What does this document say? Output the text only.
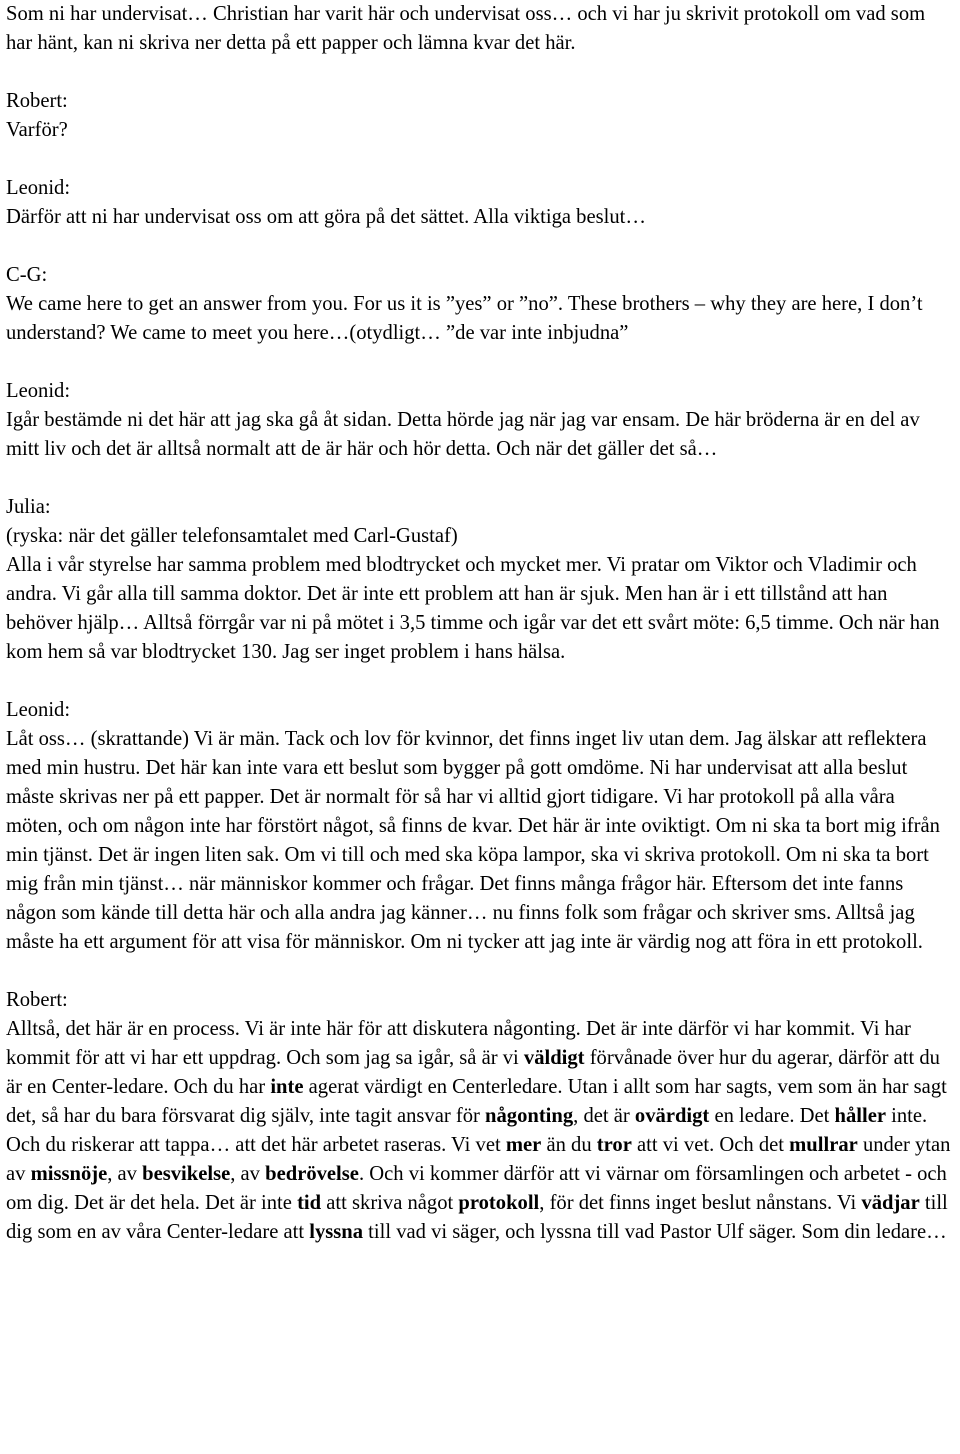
Som ni har undervisat… Christian har varit här och undervisat oss… och vi har ju skrivit protokoll om vad som har hänt, kan ni skriva ner detta på ett papper och lämna kvar det här.

Robert:

Varför?

Leonid:

Därför att ni har undervisat oss om att göra på det sättet. Alla viktiga beslut…

C-G:

We came here to get an answer from you. For us it is ”yes” or ”no”. These brothers – why they are here, I don’t understand? We came to meet you here…(otydligt… ”de var inte inbjudna”

Leonid:

Igår bestämde ni det här att jag ska gå åt sidan. Detta hörde jag när jag var ensam. De här bröderna är en del av mitt liv och det är alltså normalt att de är här och hör detta. Och när det gäller det så…

Julia:

(ryska: när det gäller telefonsamtalet med Carl-Gustaf)

Alla i vår styrelse har samma problem med blodtrycket och mycket mer. Vi pratar om Viktor och Vladimir och andra. Vi går alla till samma doktor. Det är inte ett problem att han är sjuk. Men han är i ett tillstånd att han behöver hjälp… Alltså förrgår var ni på mötet i 3,5 timme och igår var det ett svårt möte: 6,5 timme. Och när han kom hem så var blodtrycket 130. Jag ser inget problem i hans hälsa.

Leonid:

Låt oss… (skrattande) Vi är män. Tack och lov för kvinnor, det finns inget liv utan dem. Jag älskar att reflektera med min hustru. Det här kan inte vara ett beslut som bygger på gott omdöme. Ni har undervisat att alla beslut måste skrivas ner på ett papper. Det är normalt för så har vi alltid gjort tidigare. Vi har protokoll på alla våra möten, och om någon inte har förstört något, så finns de kvar. Det här är inte oviktigt. Om ni ska ta bort mig ifrån min tjänst. Det är ingen liten sak. Om vi till och med ska köpa lampor, ska vi skriva protokoll. Om ni ska ta bort mig från min tjänst… när människor kommer och frågar. Det finns många frågor här. Eftersom det inte fanns någon som kände till detta här och alla andra jag känner… nu finns folk som frågar och skriver sms. Alltså jag måste ha ett argument för att visa för människor. Om ni tycker att jag inte är värdig nog att föra in ett protokoll.

Robert:

Alltså, det här är en process. Vi är inte här för att diskutera någonting. Det är inte därför vi har kommit. Vi har kommit för att vi har ett uppdrag. Och som jag sa igår, så är vi väldigt förvånade över hur du agerar, därför att du är en Center-ledare. Och du har inte agerat värdigt en Centerledare. Utan i allt som har sagts, vem som än har sagt det, så har du bara försvarat dig själv, inte tagit ansvar för någonting, det är ovärdigt en ledare. Det håller inte. Och du riskerar att tappa… att det här arbetet raseras. Vi vet mer än du tror att vi vet. Och det mullrar under ytan av missnöje, av besvikelse, av bedrövelse. Och vi kommer därför att vi värnar om församlingen och arbetet - och om dig. Det är det hela. Det är inte tid att skriva något protokoll, för det finns inget beslut nånstans. Vi vädjar till dig som en av våra Center-ledare att lyssna till vad vi säger, och lyssna till vad Pastor Ulf säger. Som din ledare…
